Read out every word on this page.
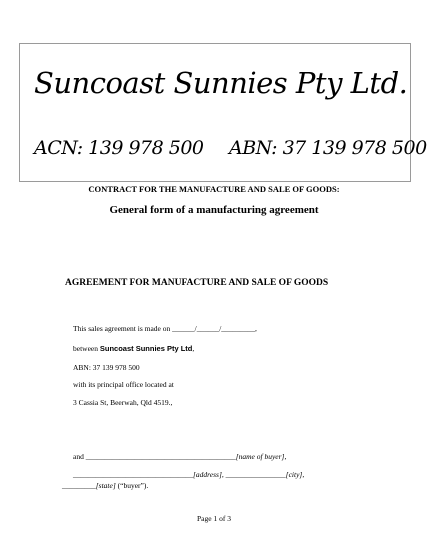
Suncoast Sunnies Pty Ltd.
ACN: 139 978 500 ABN: 37 139 978 500
CONTRACT FOR THE MANUFACTURE AND SALE OF GOODS:
General form of a manufacturing agreement
AGREEMENT FOR MANUFACTURE AND SALE OF GOODS
This sales agreement is made on ______/______/_________,
between Suncoast Sunnies Pty Ltd,
ABN: 37 139 978 500
with its principal office located at
3 Cassia St, Beerwah, Qld 4519.,
and ________________________________________[name of buyer],
________________________________[address], ________________[city],
_________[state] (“buyer”).
Page 1 of 3
